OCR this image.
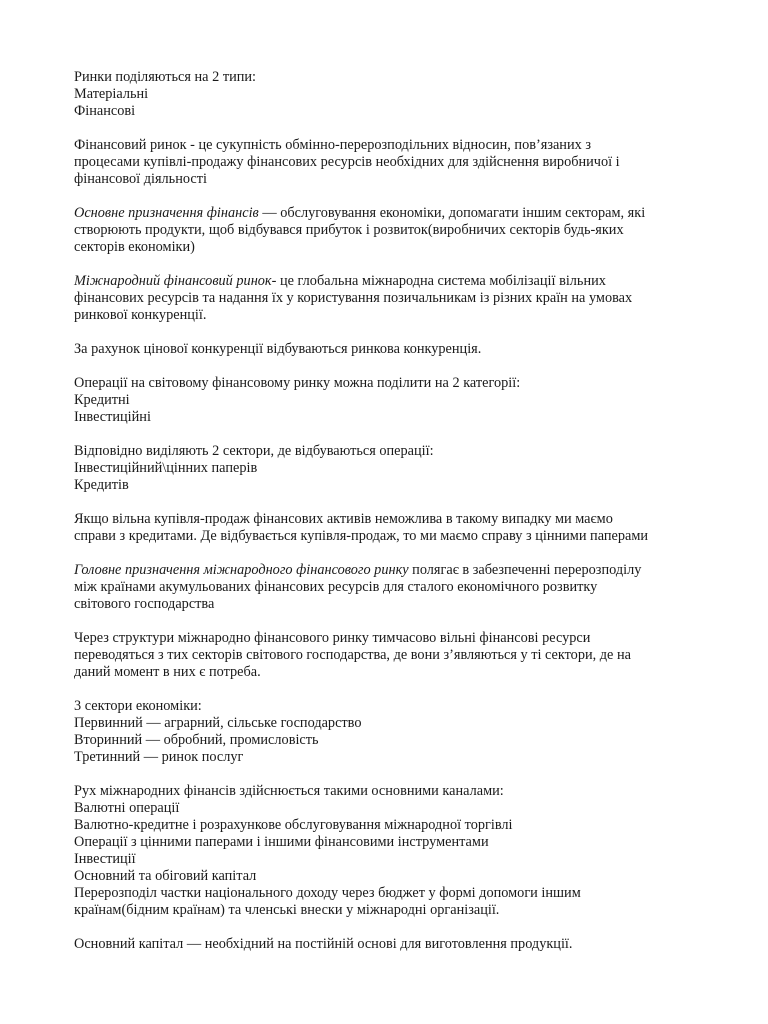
Ринки поділяються на 2 типи:
Матеріальні
Фінансові
Фінансовий ринок - це сукупність обмінно-перерозподільних відносин, пов’язаних з
процесами купівлі-продажу фінансових ресурсів необхідних для здійснення виробничої і
фінансової діяльності
Основне призначення фінансів — обслуговування економіки, допомагати іншим секторам, які
створюють продукти, щоб відбувався прибуток і розвиток(виробничих секторів будь-яких
секторів економіки)
Міжнародний фінансовий ринок- це глобальна міжнародна система мобілізації вільних
фінансових ресурсів та надання їх у користування позичальникам із різних країн на умовах
ринкової конкуренції.
За рахунок цінової конкуренції відбуваються ринкова конкуренція.
Операції на світовому фінансовому ринку можна поділити на 2 категорії:
Кредитні
Інвестиційні
Відповідно виділяють 2 сектори, де відбуваються операції:
Інвестиційний\цінних паперів
Кредитів
Якщо вільна купівля-продаж фінансових активів неможлива в такому випадку ми маємо
справи з кредитами. Де відбувається купівля-продаж, то ми маємо справу з цінними паперами
Головне призначення міжнародного фінансового ринку полягає в забезпеченні перерозподілу
між країнами акумульованих фінансових ресурсів для сталого економічного розвитку
світового господарства
Через структури міжнародно фінансового ринку тимчасово вільні фінансові ресурси
переводяться з тих секторів світового господарства, де вони з’являються у ті сектори, де на
даний момент в них є потреба.
3 сектори економіки:
Первинний — аграрний, сільське господарство
Вторинний — обробний, промисловість
Третинний — ринок послуг
Рух міжнародних фінансів здійснюється такими основними каналами:
Валютні операції
Валютно-кредитне і розрахункове обслуговування міжнародної торгівлі
Операції з цінними паперами і іншими фінансовими інструментами
Інвестиції
Основний та обіговий капітал
Перерозподіл частки національного доходу через бюджет у формі допомоги іншим
країнам(бідним країнам) та членські внески у міжнародні організації.
Основний капітал — необхідний на постійній основі для виготовлення продукції.
